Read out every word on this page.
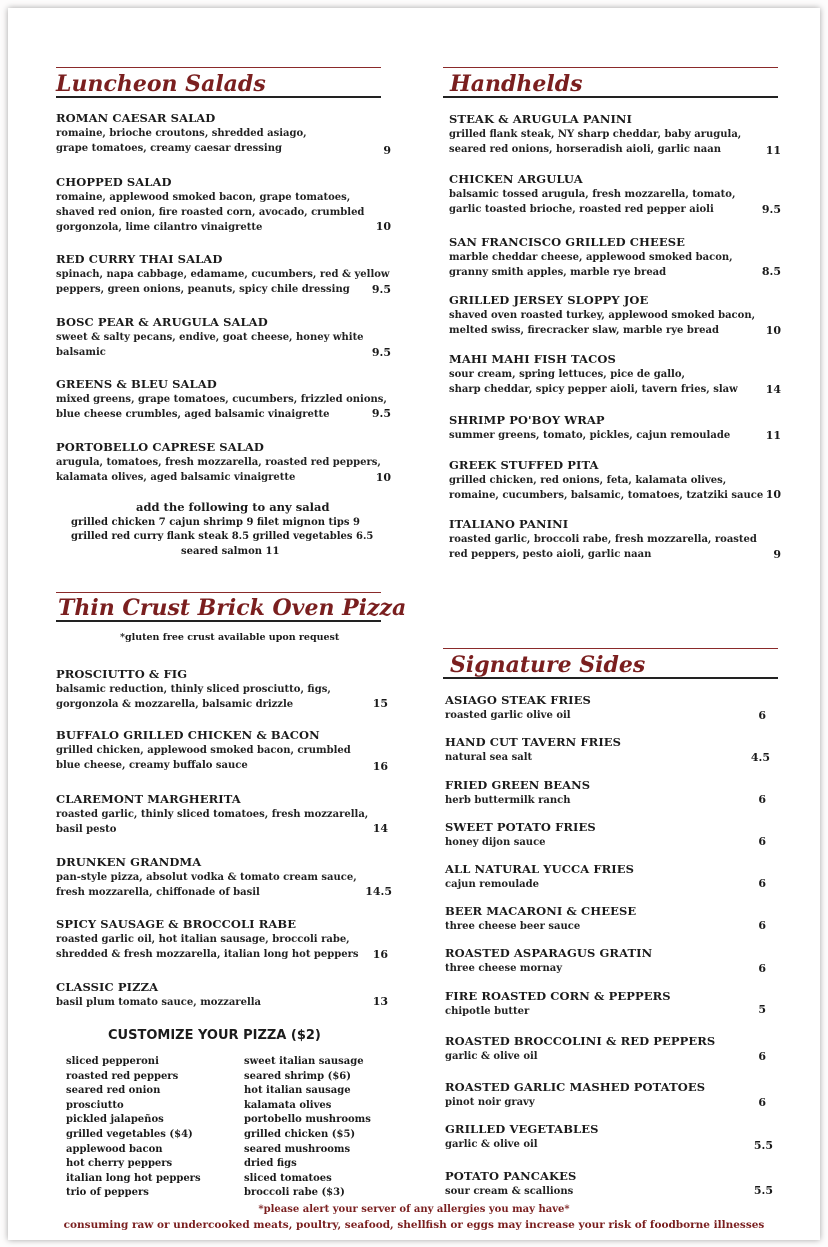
Luncheon Salads
ROMAN CAESAR SALAD
romaine, brioche croutons, shredded asiago,
grape tomatoes, creamy caesar dressing	9
CHOPPED SALAD
romaine, applewood smoked bacon, grape tomatoes,
shaved red onion, fire roasted corn, avocado, crumbled
gorgonzola, lime cilantro vinaigrette	10
RED CURRY THAI SALAD
spinach, napa cabbage, edamame, cucumbers, red & yellow
peppers, green onions, peanuts, spicy chile dressing	9.5
BOSC PEAR & ARUGULA SALAD
sweet & salty pecans, endive, goat cheese, honey white
balsamic	9.5
GREENS & BLEU SALAD
mixed greens, grape tomatoes, cucumbers, frizzled onions,
blue cheese crumbles, aged balsamic vinaigrette	9.5
PORTOBELLO CAPRESE SALAD
arugula, tomatoes, fresh mozzarella, roasted red peppers,
kalamata olives, aged balsamic vinaigrette	10
add the following to any salad
grilled chicken 7 cajun shrimp 9 filet mignon tips 9
grilled red curry flank steak 8.5 grilled vegetables 6.5
seared salmon 11
Handhelds
STEAK & ARUGULA PANINI
grilled flank steak, NY sharp cheddar, baby arugula,
seared red onions, horseradish aioli, garlic naan	11
CHICKEN ARGULUA
balsamic tossed arugula, fresh mozzarella, tomato,
garlic toasted brioche, roasted red pepper aioli	9.5
SAN FRANCISCO GRILLED CHEESE
marble cheddar cheese, applewood smoked bacon,
granny smith apples, marble rye bread	8.5
GRILLED JERSEY SLOPPY JOE
shaved oven roasted turkey, applewood smoked bacon,
melted swiss, firecracker slaw, marble rye bread	10
MAHI MAHI FISH TACOS
sour cream, spring lettuces, pice de gallo,
sharp cheddar, spicy pepper aioli, tavern fries, slaw	14
SHRIMP PO'BOY WRAP
summer greens, tomato, pickles, cajun remoulade	11
GREEK STUFFED PITA
grilled chicken, red onions, feta, kalamata olives,
romaine, cucumbers, balsamic, tomatoes, tzatziki sauce 10
ITALIANO PANINI
roasted garlic, broccoli rabe, fresh mozzarella, roasted
red peppers, pesto aioli, garlic naan	9
Thin Crust Brick Oven Pizza
*gluten free crust available upon request
PROSCIUTTO & FIG
balsamic reduction, thinly sliced prosciutto, figs,
gorgonzola & mozzarella, balsamic drizzle	15
BUFFALO GRILLED CHICKEN & BACON
grilled chicken, applewood smoked bacon, crumbled
blue cheese, creamy buffalo sauce	16
CLAREMONT MARGHERITA
roasted garlic, thinly sliced tomatoes, fresh mozzarella,
basil pesto	14
DRUNKEN GRANDMA
pan-style pizza, absolut vodka & tomato cream sauce,
fresh mozzarella, chiffonade of basil	14.5
SPICY SAUSAGE & BROCCOLI RABE
roasted garlic oil, hot italian sausage, broccoli rabe,
shredded & fresh mozzarella, italian long hot peppers	16
CLASSIC PIZZA
basil plum tomato sauce, mozzarella	13
CUSTOMIZE YOUR PIZZA ($2)
sliced pepperoni
roasted red peppers
seared red onion
prosciutto
pickled jalapeños
grilled vegetables ($4)
applewood bacon
hot cherry peppers
italian long hot peppers
trio of peppers
sweet italian sausage
seared shrimp ($6)
hot italian sausage
kalamata olives
portobello mushrooms
grilled chicken ($5)
seared mushrooms
dried figs
sliced tomatoes
broccoli rabe ($3)
Signature Sides
ASIAGO STEAK FRIES
roasted garlic olive oil	6
HAND CUT TAVERN FRIES
natural sea salt	4.5
FRIED GREEN BEANS
herb buttermilk ranch	6
SWEET POTATO FRIES
honey dijon sauce	6
ALL NATURAL YUCCA FRIES
cajun remoulade	6
BEER MACARONI & CHEESE
three cheese beer sauce	6
ROASTED ASPARAGUS GRATIN
three cheese mornay	6
FIRE ROASTED CORN & PEPPERS
chipotle butter	5
ROASTED BROCCOLINI & RED PEPPERS
garlic & olive oil	6
ROASTED GARLIC MASHED POTATOES
pinot noir gravy	6
GRILLED VEGETABLES
garlic & olive oil	5.5
POTATO PANCAKES
sour cream & scallions	5.5
*please alert your server of any allergies you may have*
consuming raw or undercooked meats, poultry, seafood, shellfish or eggs may increase your risk of foodborne illnesses
